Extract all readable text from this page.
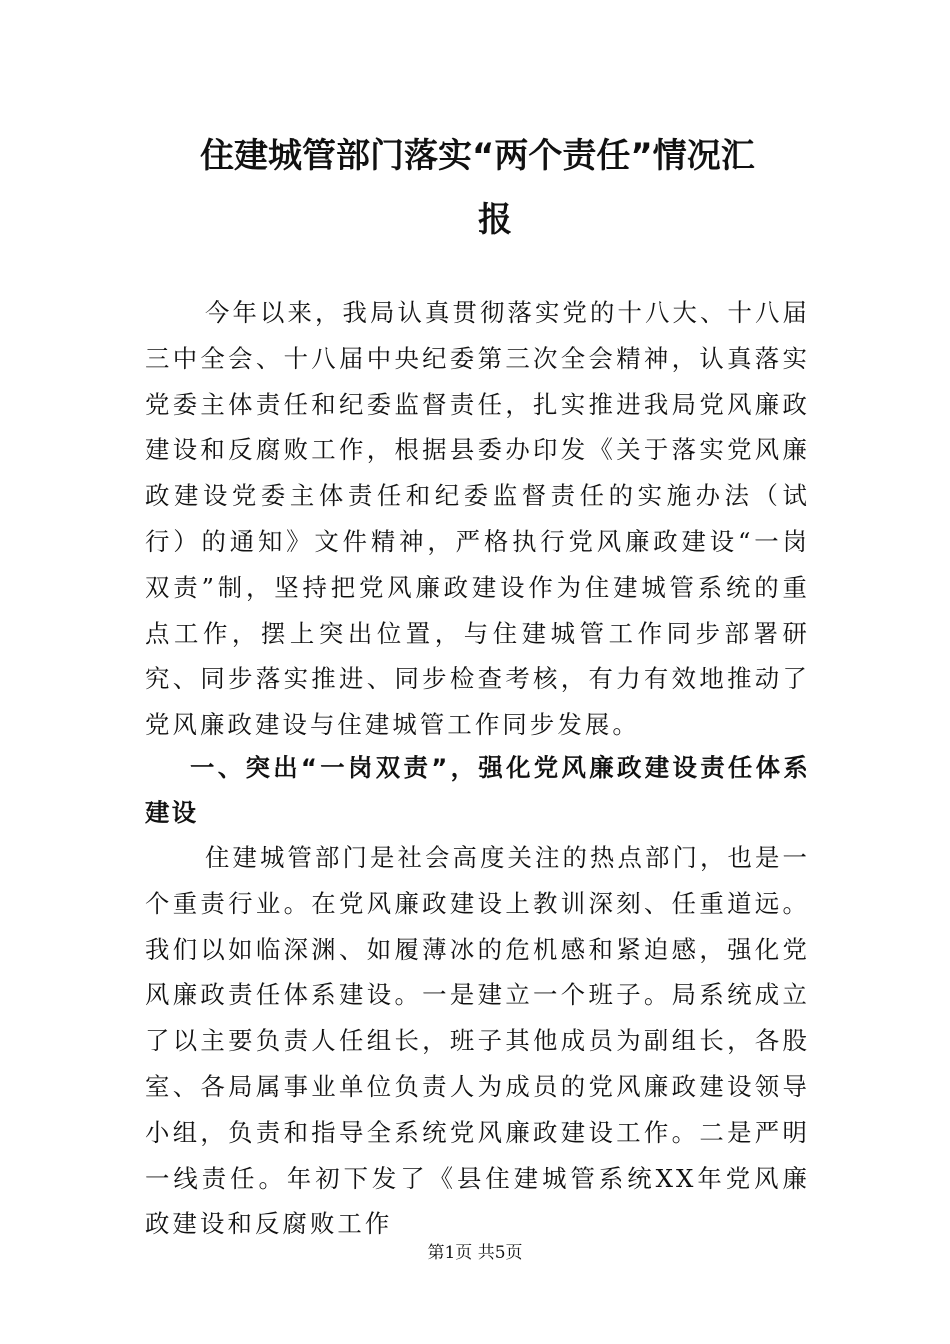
住建城管部门落实“两个责任”情况汇
报

今年以来，我局认真贯彻落实党的十八大、十八届三中全会、十八届中央纪委第三次全会精神，认真落实党委主体责任和纪委监督责任，扎实推进我局党风廉政建设和反腐败工作，根据县委办印发《关于落实党风廉政建设党委主体责任和纪委监督责任的实施办法（试行）的通知》文件精神，严格执行党风廉政建设“一岗双责”制，坚持把党风廉政建设作为住建城管系统的重点工作，摆上突出位置，与住建城管工作同步部署研究、同步落实推进、同步检查考核，有力有效地推动了党风廉政建设与住建城管工作同步发展。

一、突出“一岗双责”，强化党风廉政建设责任体系建设

住建城管部门是社会高度关注的热点部门，也是一个重责行业。在党风廉政建设上教训深刻、任重道远。我们以如临深渊、如履薄冰的危机感和紧迫感，强化党风廉政责任体系建设。一是建立一个班子。局系统成立了以主要负责人任组长，班子其他成员为副组长，各股室、各局属事业单位负责人为成员的党风廉政建设领导小组，负责和指导全系统党风廉政建设工作。二是严明一线责任。年初下发了《县住建城管系统XX年党风廉政建设和反腐败工作

第1页 共5页
